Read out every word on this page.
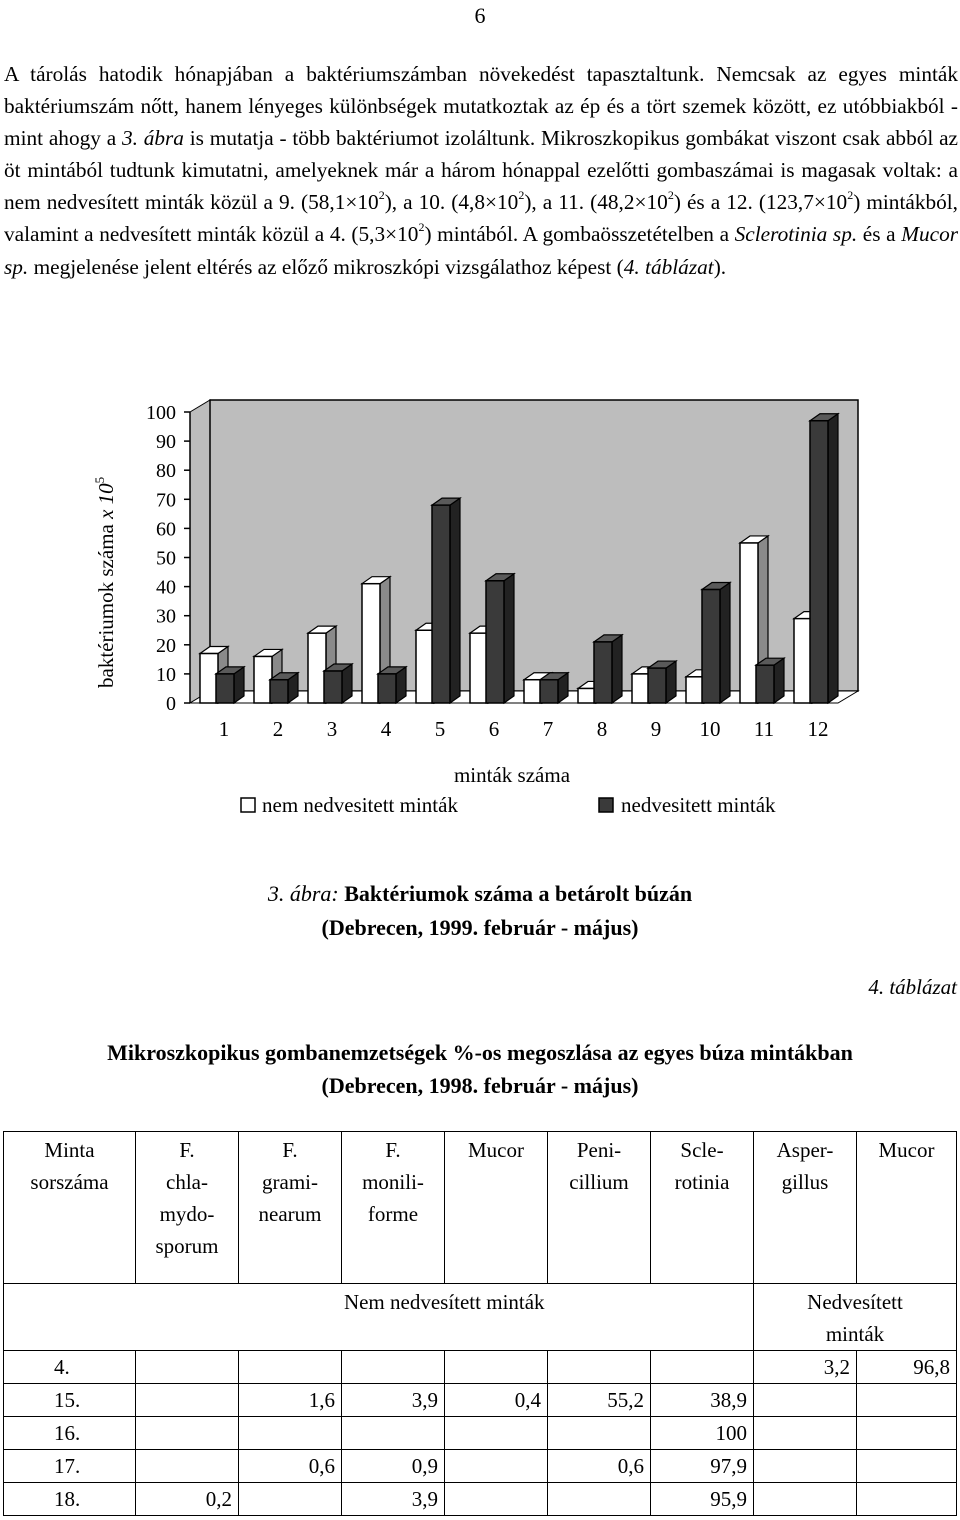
6
A tárolás hatodik hónapjában a baktériumszámban növekedést tapasztaltunk. Nemcsak az egyes minták baktériumszám nőtt, hanem lényeges különbségek mutatkoztak az ép és a tört szemek között, ez utóbbiakból - mint ahogy a 3. ábra is mutatja - több baktériumot izoláltunk. Mikroszkopikus gombákat viszont csak abból az öt mintából tudtunk kimutatni, amelyeknek már a három hónappal ezelőtti gombaszámai is magasak voltak: a nem nedvesített minták közül a 9. $(58,1\times 10^2)$, a 10. $(4,8\times 10^2)$, a 11. $(48,2\times 10^2)$ és a 12. $(123,7\times 10^2)$ mintákból, valamint a nedvesített minták közül a 4. $(5,3\times 10^2)$ mintából. A gombaösszetételben a Sclerotinia sp. és a Mucor sp. megjelenése jelent eltérés az előző mikroszkópi vizsgálathoz képest (4. táblázat).
0
10
20
30
40
50
60
70
80
90
100
baktériumok száma x $10^5$
1 2 3 4 5 6 7 8 9 10 11 12
minták száma
nem nedvesitett minták	nedvesitett minták
3. ábra: Baktériumok száma a betárolt búzán
(Debrecen, 1999. február - május)
4. táblázat
Mikroszkopikus gombanemzetségek %-os megoszlása az egyes búza mintákban
(Debrecen, 1998. február - május)
Minta
sorszáma	F.
chla-
mydo-
sporum	F.
grami-
nearum	F.
monili-
forme	Mucor	Peni-
cillium	Scle-
rotinia	Asper-
gillus	Mucor
	Nem nedvesített minták						Nedvesített
minták	
4.							3,2	96,8
15.		1,6	3,9	0,4	55,2	38,9		
16.						100		
17.		0,6	0,9		0,6	97,9		
18.	0,2		3,9			95,9		
